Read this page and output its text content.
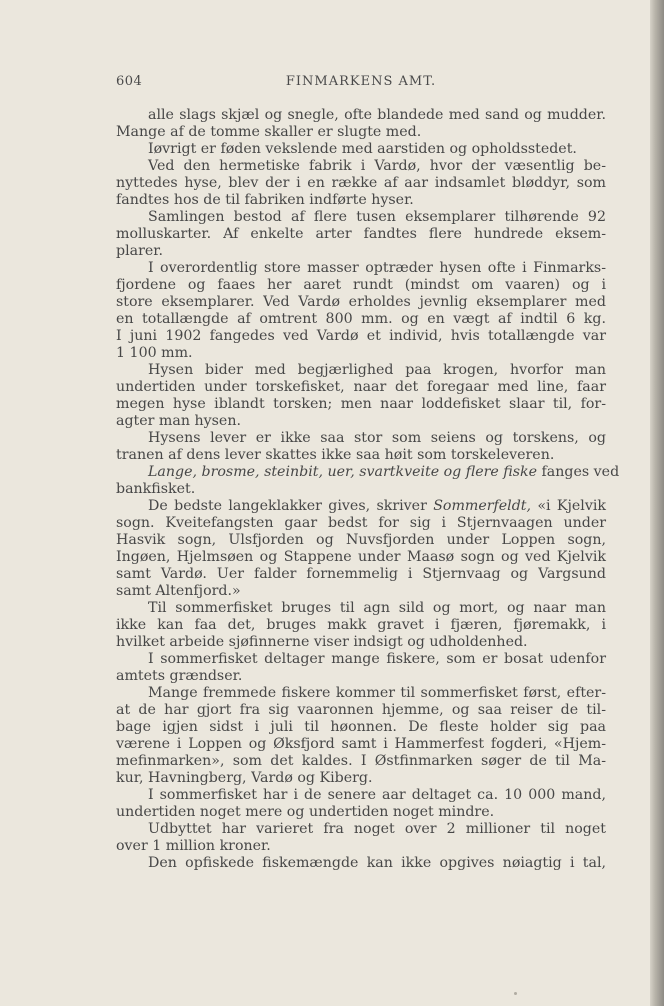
604	FINMARKENS AMT.
alle slags skjæl og snegle, ofte blandede med sand og mudder.
Mange af de tomme skaller er slugte med.
Iøvrigt er føden vekslende med aarstiden og opholdsstedet.
Ved den hermetiske fabrik i Vardø, hvor der væsentlig be-
nyttedes hyse, blev der i en række af aar indsamlet bløddyr, som
fandtes hos de til fabriken indførte hyser.
Samlingen bestod af flere tusen eksemplarer tilhørende 92
molluskarter. Af enkelte arter fandtes flere hundrede eksem-
plarer.
I overordentlig store masser optræder hysen ofte i Finmarks-
fjordene og faaes her aaret rundt (mindst om vaaren) og i
store eksemplarer. Ved Vardø erholdes jevnlig eksemplarer med
en totallængde af omtrent 800 mm. og en vægt af indtil 6 kg.
I juni 1902 fangedes ved Vardø et individ, hvis totallængde var
1 100 mm.
Hysen bider med begjærlighed paa krogen, hvorfor man
undertiden under torskefisket, naar det foregaar med line, faar
megen hyse iblandt torsken; men naar loddefisket slaar til, for-
agter man hysen.
Hysens lever er ikke saa stor som seiens og torskens, og
tranen af dens lever skattes ikke saa høit som torskeleveren.
Lange, brosme, steinbit, uer, svartkveite og flere fiske fanges ved
bankfisket.
De bedste langeklakker gives, skriver Sommerfeldt, «i Kjelvik
sogn. Kveitefangsten gaar bedst for sig i Stjernvaagen under
Hasvik sogn, Ulsfjorden og Nuvsfjorden under Loppen sogn,
Ingøen, Hjelmsøen og Stappene under Maasø sogn og ved Kjelvik
samt Vardø. Uer falder fornemmelig i Stjernvaag og Vargsund
samt Altenfjord.»
Til sommerfisket bruges til agn sild og mort, og naar man
ikke kan faa det, bruges makk gravet i fjæren, fjøremakk, i
hvilket arbeide sjøfinnerne viser indsigt og udholdenhed.
I sommerfisket deltager mange fiskere, som er bosat udenfor
amtets grændser.
Mange fremmede fiskere kommer til sommerfisket først, efter-
at de har gjort fra sig vaaronnen hjemme, og saa reiser de til-
bage igjen sidst i juli til høonnen. De fleste holder sig paa
værene i Loppen og Øksfjord samt i Hammerfest fogderi, «Hjem-
mefinmarken», som det kaldes. I Østfinmarken søger de til Ma-
kur, Havningberg, Vardø og Kiberg.
I sommerfisket har i de senere aar deltaget ca. 10 000 mand,
undertiden noget mere og undertiden noget mindre.
Udbyttet har varieret fra noget over 2 millioner til noget
over 1 million kroner.
Den opfiskede fiskemængde kan ikke opgives nøiagtig i tal,
